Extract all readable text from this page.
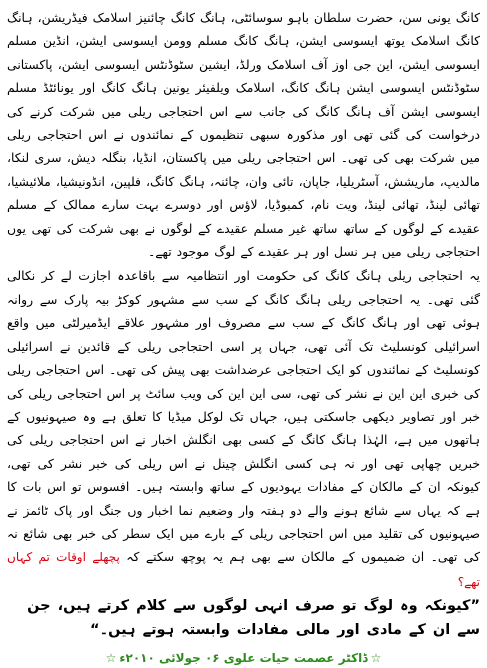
کانگ یونی سن، حضرت سلطان باہو سوسائٹی، ہانگ کانگ چائنیز اسلامک فیڈریشن، ہانگ کانگ اسلامک یوتھ ایسوسی ایشن، ہانگ کانگ مسلم وومن ایسوسی ایشن، انڈین مسلم ایسوسی ایشن، این جی اوز آف اسلامک ورلڈ، ایشین سٹوڈنٹس ایسوسی ایشن، پاکستانی سٹوڈنٹس ایسوسی ایشن ہانگ کانگ، اسلامک ویلفیئر یونین ہانگ کانگ اور یونائٹڈ مسلم ایسوسی ایشن آف ہانگ کانگ کی جانب سے اس احتجاجی ریلی میں شرکت کرنے کی درخواست کی گئی تھی اور مذکورہ سبھی تنظیموں کے نمائندوں نے اس احتجاجی ریلی میں شرکت بھی کی تھی۔ اس احتجاجی ریلی میں پاکستان، انڈیا، بنگلہ دیش، سری لنکا، مالدیپ، ماریشش، آسٹریلیا، جاپان، تائی وان، چائنہ، ہانگ کانگ، فلپین، انڈونیشیا، ملائیشیا، تھائی لینڈ، تھائی لینڈ، ویت نام، کمبوڈیا، لاؤس اور دوسرے بہت سارے ممالک کے مسلم عقیدے کے لوگوں کے ساتھ ساتھ غیر مسلم عقیدے کے لوگوں نے بھی شرکت کی تھی یوں احتجاجی ریلی میں ہر نسل اور ہر عقیدے کے لوگ موجود تھے۔

یہ احتجاجی ریلی ہانگ کانگ کی حکومت اور انتظامیہ سے باقاعدہ اجازت لے کر نکالی گئی تھی۔ یہ احتجاجی ریلی ہانگ کانگ کے سب سے مشہور کوکڑ بیہ پارک سے روانہ ہوئی تھی اور ہانگ کانگ کے سب سے مصروف اور مشہور علاقے ایڈمیرلٹی میں واقع اسرائیلی کونسلیٹ تک آئی تھی، جہاں پر اسی احتجاجی ریلی کے قائدین نے اسرائیلی کونسلیٹ کے نمائندوں کو ایک احتجاجی عرضداشت بھی پیش کی تھی۔ اس احتجاجی ریلی کی خبری این این نے نشر کی تھی، سی این این کی ویب سائٹ پر اس احتجاجی ریلی کی خبر اور تصاویر دیکھی جاسکتی ہیں، جہاں تک لوکل میڈیا کا تعلق ہے وہ صیہونیوں کے ہاتھوں میں ہے، الہٰذا ہانگ کانگ کے کسی بھی انگلش اخبار نے اس احتجاجی ریلی کی خبریں چھاپی تھی اور نہ ہی کسی انگلش چینل نے اس ریلی کی خبر نشر کی تھی، کیونکہ ان کے مالکان کے مفادات یہودیوں کے ساتھ وابستہ ہیں۔ افسوس تو اس بات کا ہے کہ یہاں سے شائع ہونے والے دو ہفتہ وار وضعیم نما اخبار وں جنگ اور پاک ٹائمز نے صیہونیوں کی تقلید میں اس احتجاجی ریلی کے بارے میں ایک سطر کی خبر بھی شائع نہ کی تھی۔ ان ضمیموں کے مالکان سے بھی ہم یہ پوچھ سکتے کہ پچھلے اوقات تم کہاں تھے؟

”کیونکہ وہ لوگ تو صرف انہی لوگوں سے کلام کرتے ہیں، جن سے ان کے مادی اور مالی مفادات وابستہ ہوتے ہیں۔“

☆ڈاکٹر عصمت حیات علوی ۰۶ جولائی ۲۰۱۰ء☆
